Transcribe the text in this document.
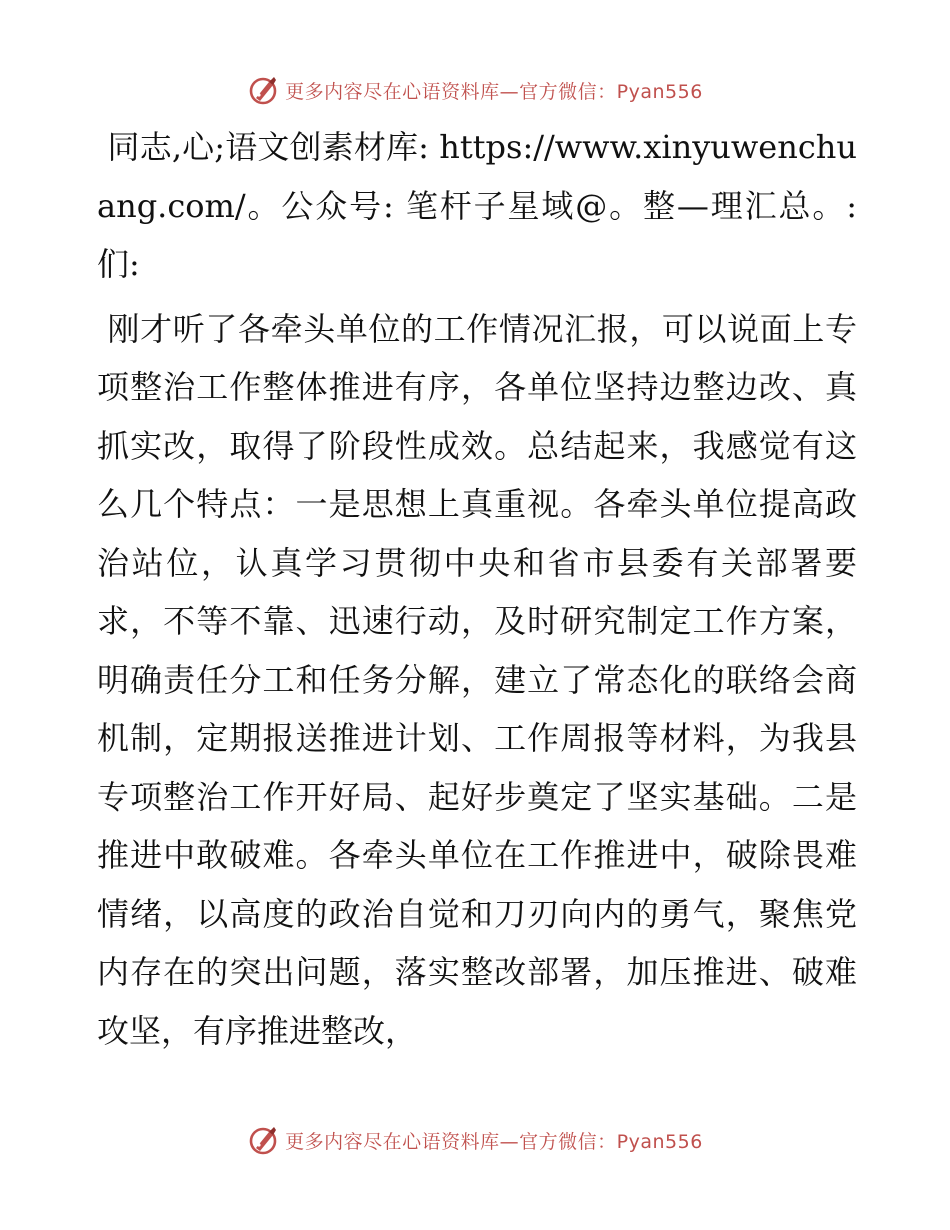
更多内容尽在心语资料库—官方微信：Pyan556

同志,心;语文创素材库: https://www.xinyuwenchuang.com/。公众号: 笔杆子星域@。整—理汇总。:们:

刚才听了各牵头单位的工作情况汇报，可以说面上专项整治工作整体推进有序，各单位坚持边整边改、真抓实改，取得了阶段性成效。总结起来，我感觉有这么几个特点：一是思想上真重视。各牵头单位提高政治站位，认真学习贯彻中央和省市县委有关部署要求，不等不靠、迅速行动，及时研究制定工作方案，明确责任分工和任务分解，建立了常态化的联络会商机制，定期报送推进计划、工作周报等材料，为我县专项整治工作开好局、起好步奠定了坚实基础。二是推进中敢破难。各牵头单位在工作推进中，破除畏难情绪，以高度的政治自觉和刀刃向内的勇气，聚焦党内存在的突出问题，落实整改部署，加压推进、破难攻坚，有序推进整改，

更多内容尽在心语资料库—官方微信：Pyan556
